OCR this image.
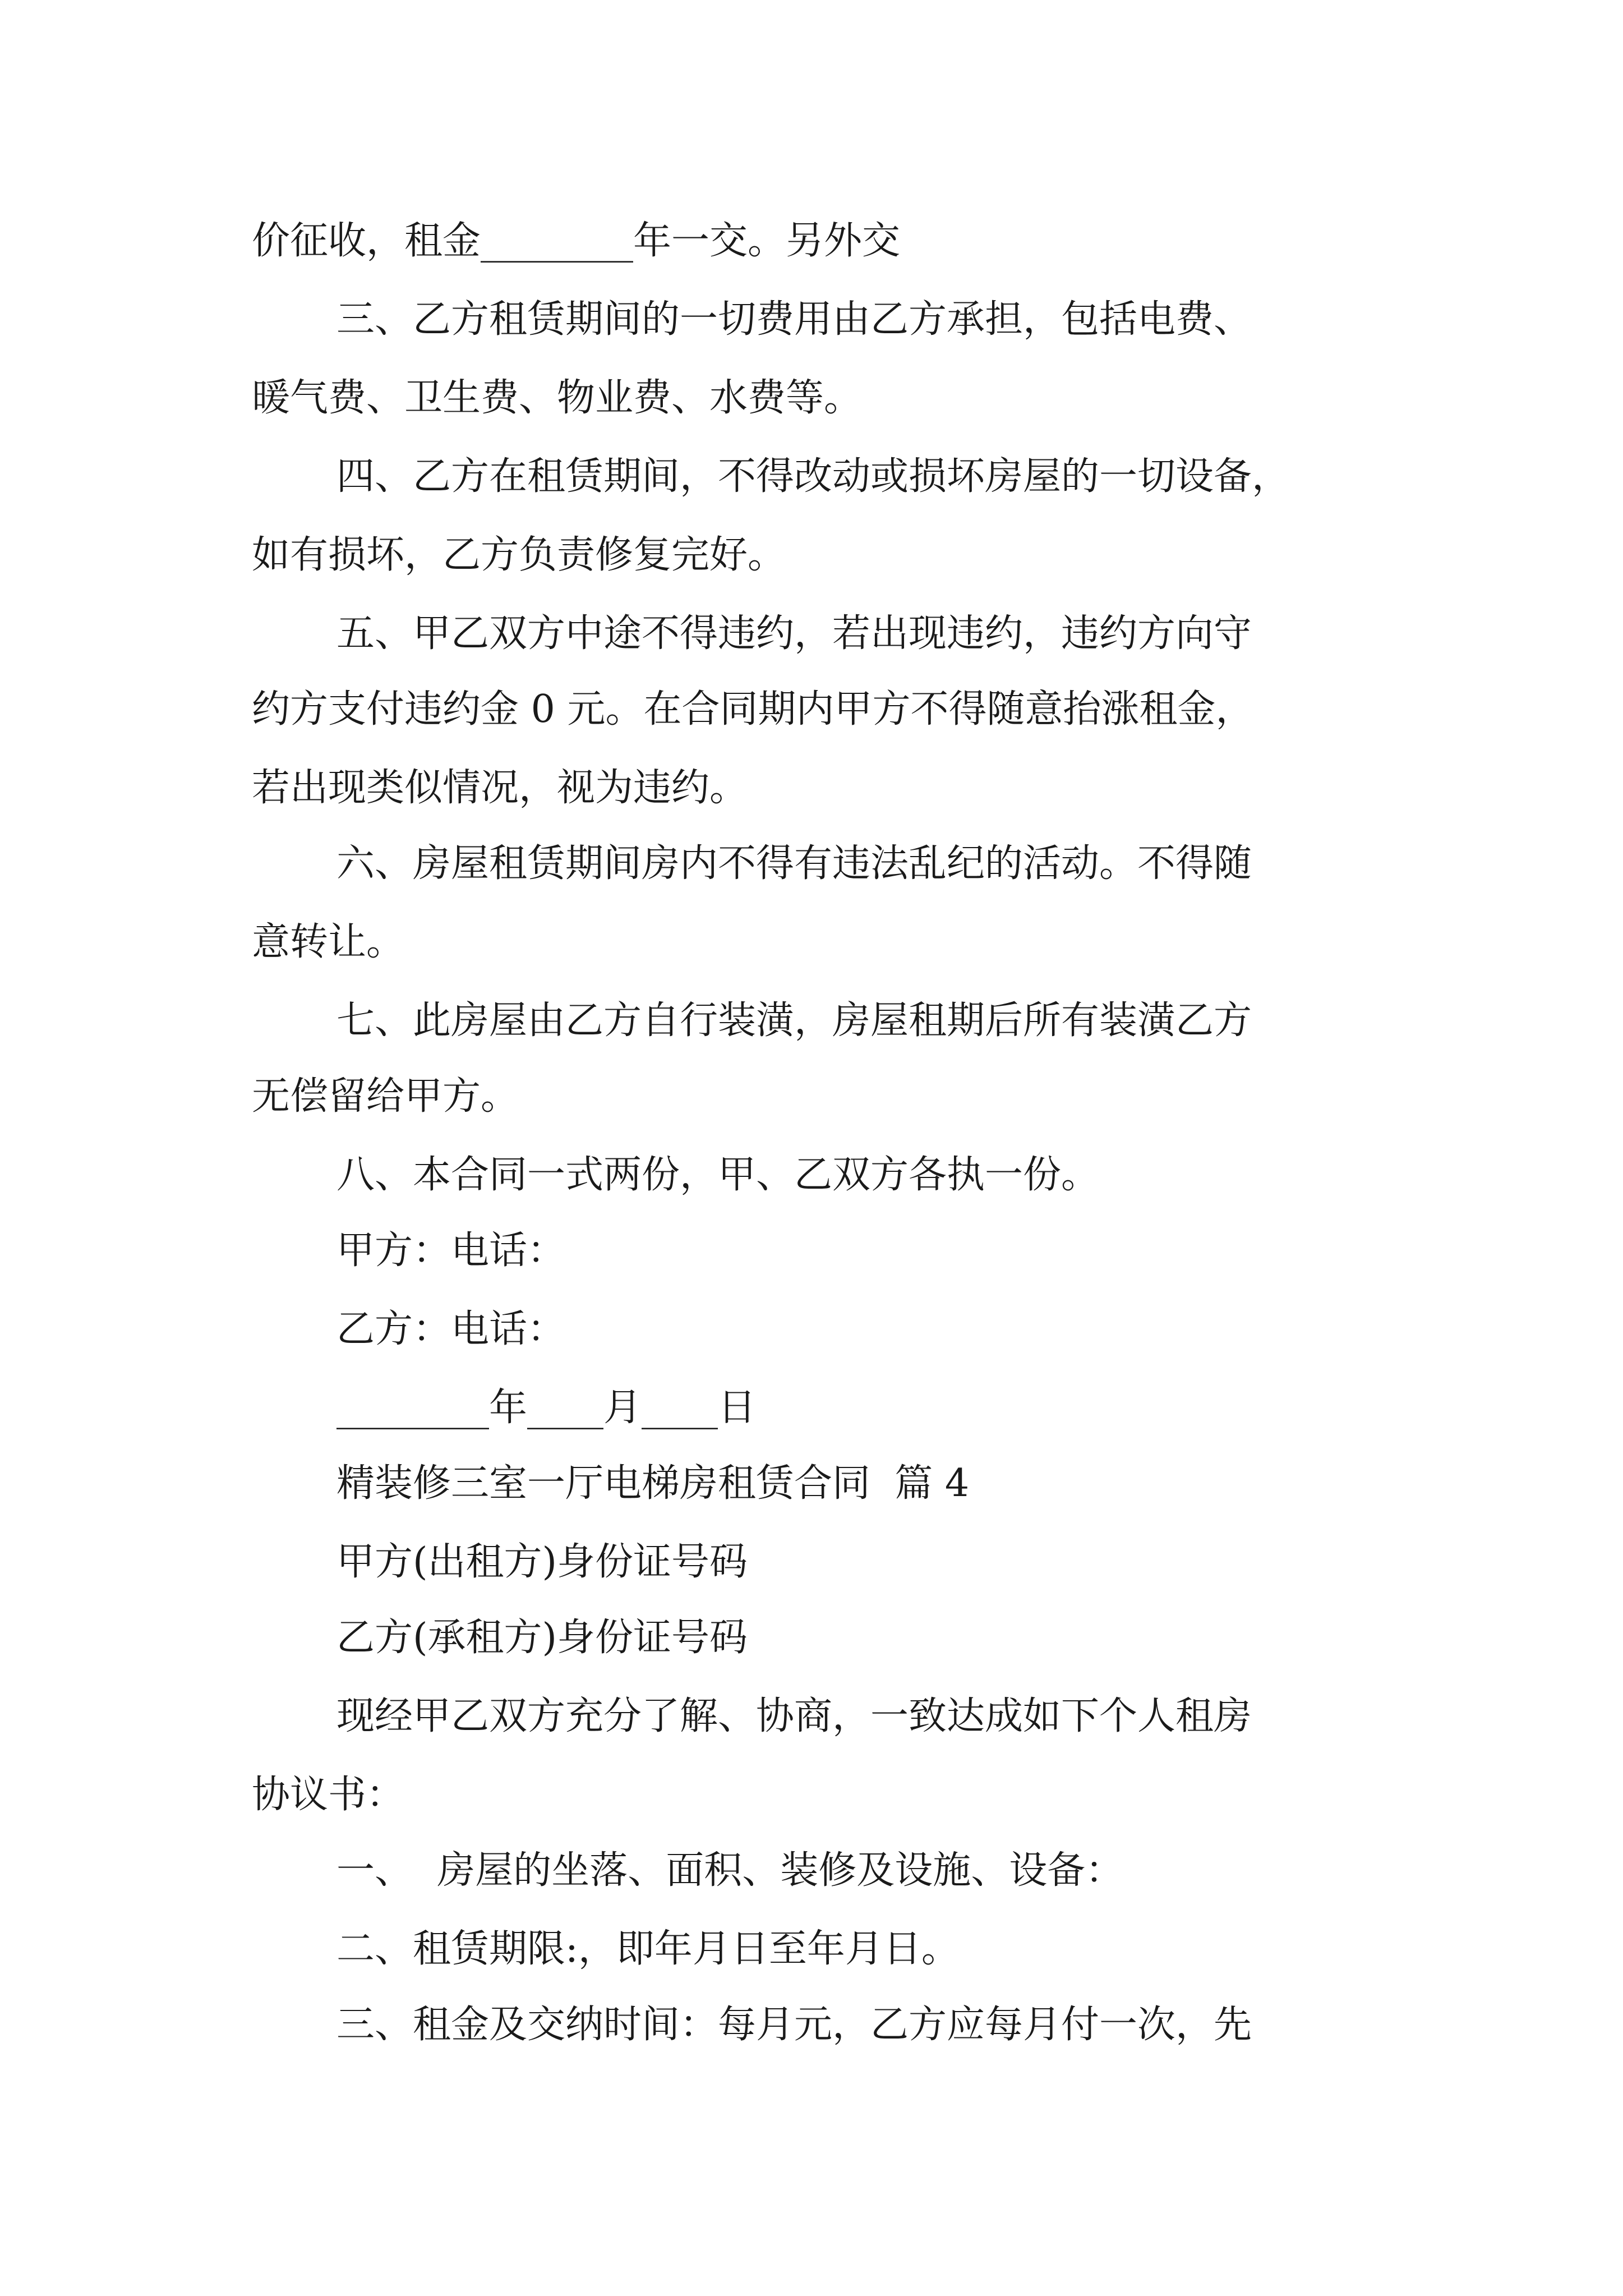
价征收，租金________年一交。另外交
三、乙方租赁期间的一切费用由乙方承担，包括电费、
暖气费、卫生费、物业费、水费等。
四、乙方在租赁期间，不得改动或损坏房屋的一切设备，
如有损坏，乙方负责修复完好。
五、甲乙双方中途不得违约，若出现违约，违约方向守
约方支付违约金 0 元。在合同期内甲方不得随意抬涨租金，
若出现类似情况，视为违约。
六、房屋租赁期间房内不得有违法乱纪的活动。不得随
意转让。
七、此房屋由乙方自行装潢，房屋租期后所有装潢乙方
无偿留给甲方。
八、本合同一式两份，甲、乙双方各执一份。
甲方：电话：
乙方：电话：
________年____月____日
精装修三室一厅电梯房租赁合同  篇 4
甲方(出租方)身份证号码
乙方(承租方)身份证号码
现经甲乙双方充分了解、协商，一致达成如下个人租房
协议书：
一、  房屋的坐落、面积、装修及设施、设备：
二、租赁期限:，即年月日至年月日。
三、租金及交纳时间：每月元，乙方应每月付一次，先
